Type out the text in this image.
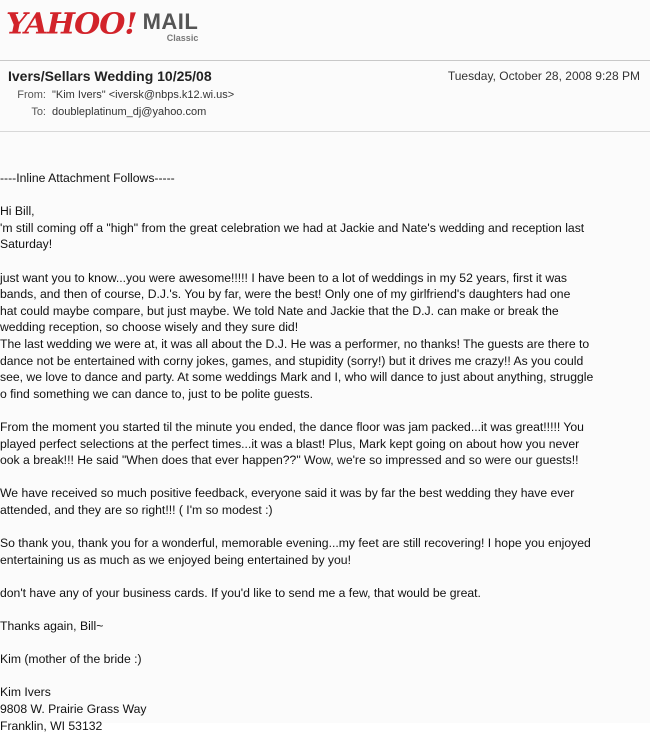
YAHOO! MAIL
Classic
Ivers/Sellars Wedding 10/25/08	Tuesday, October 28, 2008 9:28 PM
From: "Kim Ivers" <iversk@nbps.k12.wi.us>
To: doubleplatinum_dj@yahoo.com

----Inline Attachment Follows-----

Hi Bill,

'm still coming off a "high" from the great celebration we had at Jackie and Nate's wedding and reception last

Saturday!

just want you to know...you were awesome!!!!! I have been to a lot of weddings in my 52 years, first it was

bands, and then of course, D.J.'s. You by far, were the best! Only one of my girlfriend's daughters had one

hat could maybe compare, but just maybe. We told Nate and Jackie that the D.J. can make or break the

wedding reception, so choose wisely and they sure did!

The last wedding we were at, it was all about the D.J. He was a performer, no thanks! The guests are there to

dance not be entertained with corny jokes, games, and stupidity (sorry!) but it drives me crazy!! As you could

see, we love to dance and party. At some weddings Mark and I, who will dance to just about anything, struggle

o find something we can dance to, just to be polite guests.

From the moment you started til the minute you ended, the dance floor was jam packed...it was great!!!!! You

played perfect selections at the perfect times...it was a blast! Plus, Mark kept going on about how you never

ook a break!!! He said "When does that ever happen??" Wow, we're so impressed and so were our guests!!

We have received so much positive feedback, everyone said it was by far the best wedding they have ever

attended, and they are so right!!! ( I'm so modest :)

So thank you, thank you for a wonderful, memorable evening...my feet are still recovering! I hope you enjoyed

entertaining us as much as we enjoyed being entertained by you!

don't have any of your business cards. If you'd like to send me a few, that would be great.

Thanks again, Bill~

Kim (mother of the bride :)

Kim Ivers

9808 W. Prairie Grass Way

Franklin, WI 53132
